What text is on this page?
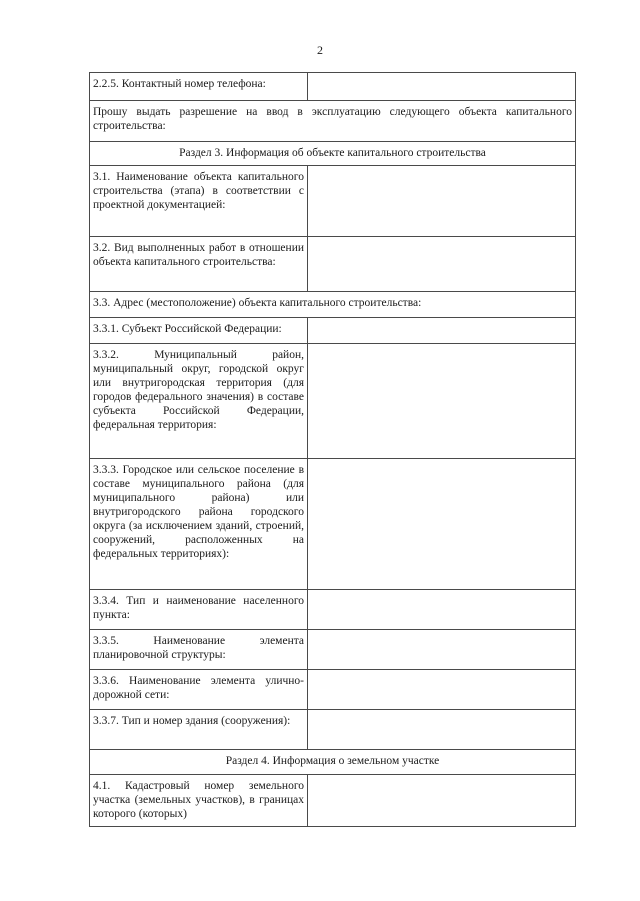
2
2.2.5. Контактный номер телефона:	
Прошу выдать разрешение на ввод в эксплуатацию следующего объекта капитального строительства:	
Раздел 3. Информация об объекте капитального строительства	
3.1. Наименование объекта капитального строительства (этапа) в соответствии с проектной документацией:	
3.2. Вид выполненных работ в отношении объекта капитального строительства:	
3.3. Адрес (местоположение) объекта капитального строительства:	
3.3.1. Субъект Российской Федерации:	
3.3.2. Муниципальный район, муниципальный округ, городской округ или внутригородская территория (для городов федерального значения) в составе субъекта Российской Федерации, федеральная территория:	
3.3.3. Городское или сельское поселение в составе муниципального района (для муниципального района) или внутригородского района городского округа (за исключением зданий, строений, сооружений, расположенных на федеральных территориях):	
3.3.4. Тип и наименование населенного пункта:	
3.3.5. Наименование элемента планировочной структуры:	
3.3.6. Наименование элемента улично-дорожной сети:	
3.3.7. Тип и номер здания (сооружения):	
Раздел 4. Информация о земельном участке	
4.1. Кадастровый номер земельного участка (земельных участков), в границах которого (которых)	
